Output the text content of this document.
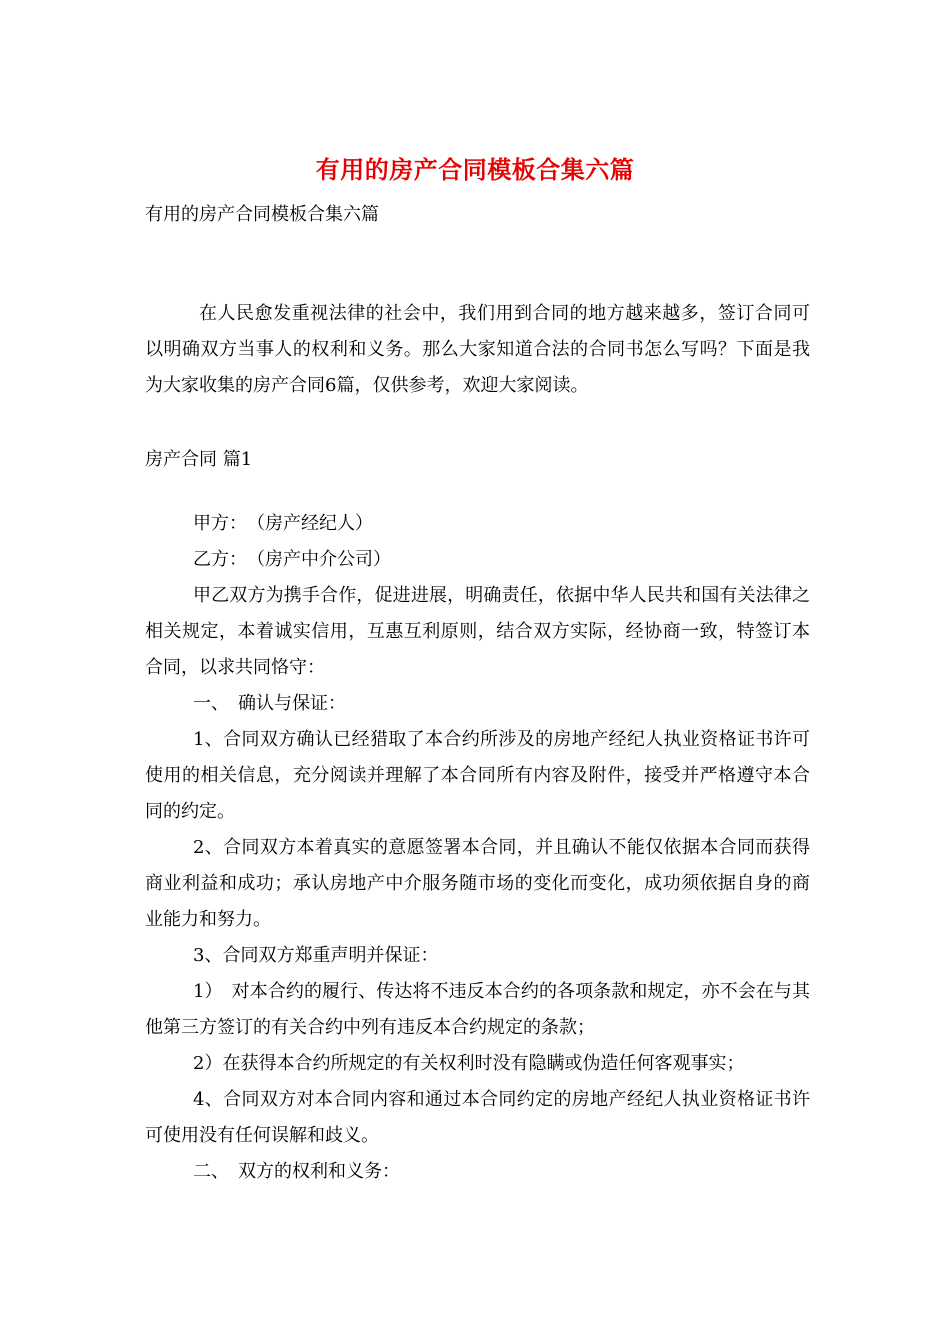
有用的房产合同模板合集六篇
有用的房产合同模板合集六篇

在人民愈发重视法律的社会中，我们用到合同的地方越来越多，签订合同可以明确双方当事人的权利和义务。那么大家知道合法的合同书怎么写吗？下面是我为大家收集的房产合同6篇，仅供参考，欢迎大家阅读。

房产合同 篇1

甲方：　（房产经纪人）

乙方：　（房产中介公司）

甲乙双方为携手合作，促进进展，明确责任，依据中华人民共和国有关法律之相关规定，本着诚实信用，互惠互利原则，结合双方实际，经协商一致，特签订本合同，以求共同恪守：

一、　确认与保证：

1、合同双方确认已经猎取了本合约所涉及的房地产经纪人执业资格证书许可使用的相关信息，充分阅读并理解了本合同所有内容及附件，接受并严格遵守本合同的约定。

2、合同双方本着真实的意愿签署本合同，并且确认不能仅依据本合同而获得商业利益和成功；承认房地产中介服务随市场的变化而变化，成功须依据自身的商业能力和努力。

3、合同双方郑重声明并保证：

1）　对本合约的履行、传达将不违反本合约的各项条款和规定，亦不会在与其他第三方签订的有关合约中列有违反本合约规定的条款；

2）在获得本合约所规定的有关权利时没有隐瞒或伪造任何客观事实；

4、合同双方对本合同内容和通过本合同约定的房地产经纪人执业资格证书许可使用没有任何误解和歧义。

二、　双方的权利和义务：
